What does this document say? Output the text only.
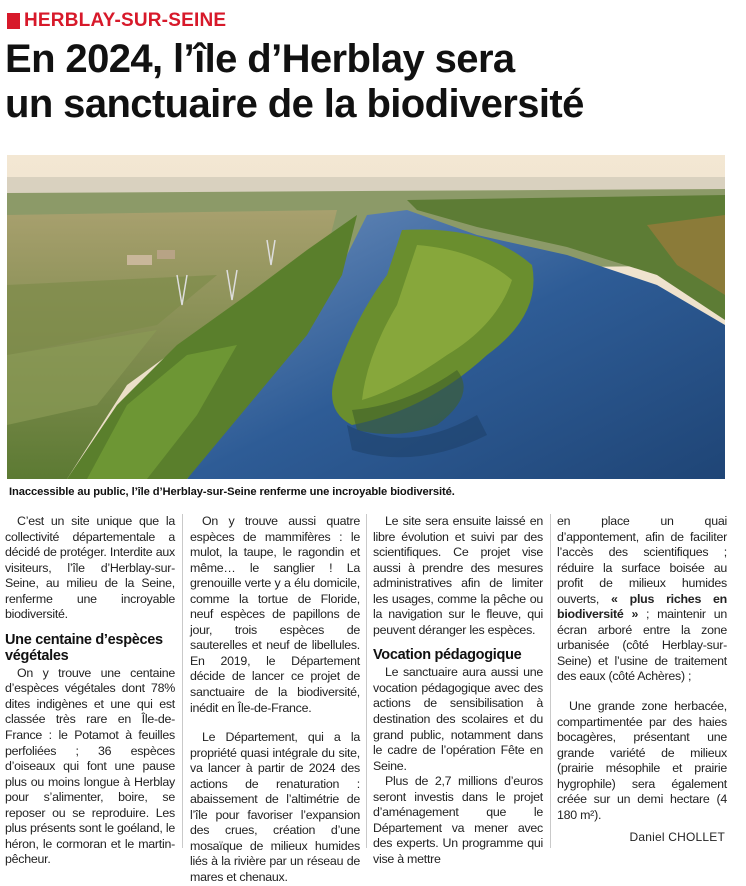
HERBLAY-SUR-SEINE
En 2024, l’île d’Herblay sera
un sanctuaire de la biodiversité
Inaccessible au public, l’île d’Herblay-sur-Seine renferme une incroyable biodiversité.

C’est un site unique que la collectivité départementale a décidé de protéger. Interdite aux visiteurs, l’île d’Herblay-sur-Seine, au milieu de la Seine, renferme une incroyable biodiversité.

Une centaine d’espèces végétales

On y trouve une centaine d’espèces végétales dont 78% dites indigènes et une qui est classée très rare en Île-de-France : le Potamot à feuilles perfoliées ; 36 espèces d’oiseaux qui font une pause plus ou moins longue à Herblay pour s’alimenter, boire, se reposer ou se reproduire. Les plus présents sont le goéland, le héron, le cormoran et le martin-pêcheur.

On y trouve aussi quatre espèces de mammifères : le mulot, la taupe, le ragondin et même… le sanglier ! La grenouille verte y a élu domicile, comme la tortue de Floride, neuf espèces de papillons de jour, trois espèces de sauterelles et neuf de libellules. En 2019, le Département décide de lancer ce projet de sanctuaire de la biodiversité, inédit en Île-de-France.

Le Département, qui a la propriété quasi intégrale du site, va lancer à partir de 2024 des actions de renaturation : abaissement de l’altimétrie de l’île pour favoriser l’expansion des crues, création d’une mosaïque de milieux humides liés à la rivière par un réseau de mares et chenaux.

Le site sera ensuite laissé en libre évolution et suivi par des scientifiques. Ce projet vise aussi à prendre des mesures administratives afin de limiter les usages, comme la pêche ou la navigation sur le fleuve, qui peuvent déranger les espèces.

Vocation pédagogique

Le sanctuaire aura aussi une vocation pédagogique avec des actions de sensibilisation à destination des scolaires et du grand public, notamment dans le cadre de l’opération Fête en Seine.

Plus de 2,7 millions d’euros seront investis dans le projet d’aménagement que le Département va mener avec des experts. Un programme qui vise à mettre

en place un quai d’appontement, afin de faciliter l’accès des scientifiques ; réduire la surface boisée au profit de milieux humides ouverts, « plus riches en biodiversité » ; maintenir un écran arboré entre la zone urbanisée (côté Herblay-sur-Seine) et l’usine de traitement des eaux (côté Achères) ;

Une grande zone herbacée, compartimentée par des haies bocagères, présentant une grande variété de milieux (prairie mésophile et prairie hygrophile) sera également créée sur un demi hectare (4 180 m²).

Daniel CHOLLET
